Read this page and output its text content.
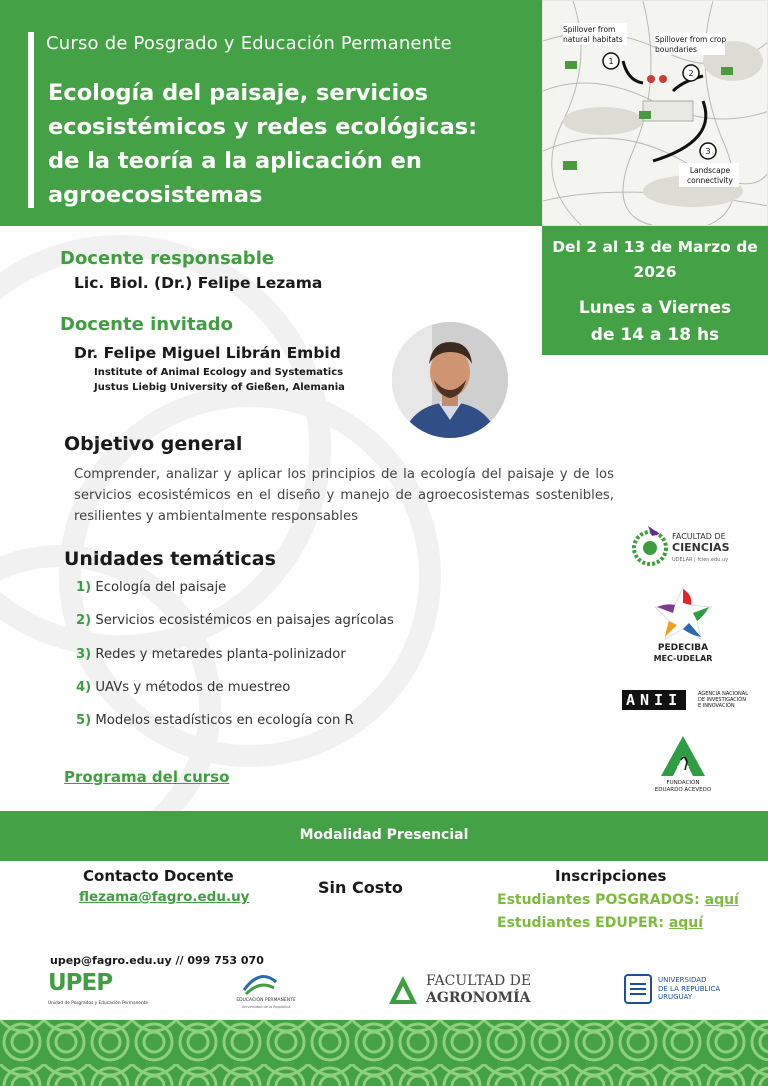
Curso de Posgrado y Educación Permanente
Ecología del paisaje, servicios
ecosistémicos y redes ecológicas:
de la teoría a la aplicación en
agroecosistemas
1
2
3
Spillover from natural habitats	Spillover from crop boundaries
Landscape connectivity
Del 2 al 13 de Marzo de
2026
Lunes a Viernes
de 14 a 18 hs
Docente responsable
Lic. Biol. (Dr.) Felipe Lezama
Docente invitado
Dr. Felipe Miguel Librán Embid
Institute of Animal Ecology and Systematics
Justus Liebig University of Gießen, Alemania
Objetivo general
Comprender, analizar y aplicar los principios de la ecología del paisaje y de los servicios ecosistémicos en el diseño y manejo de agroecosistemas sostenibles, resilientes y ambientalmente responsables
Unidades temáticas
1) Ecología del paisaje
2) Servicios ecosistémicos en paisajes agrícolas
3) Redes y metaredes planta-polinizador
4) UAVs y métodos de muestreo
5) Modelos estadísticos en ecología con R
Programa del curso
FACULTAD DE
CIENCIAS
UDELAR | fcien.edu.uy
PEDECIBA
MEC-UDELAR
ANII	AGENCIA NACIONAL
DE INVESTIGACIÓN
E INNOVACIÓN
FUNDACIÓN
EDUARDO ACEVEDO
Modalidad Presencial
Contacto Docente
flezama@fagro.edu.uy	Sin Costo
Inscripciones
Estudiantes POSGRADOS: aquí
Estudiantes EDUPER: aquí
upep@fagro.edu.uy // 099 753 070
UPEP
Unidad de Posgrados y Educación Permanente
EDUCACIÓN PERMANENTE
Universidad de la República
FACULTAD DE
AGRONOMÍA
UNIVERSIDAD
DE LA REPÚBLICA
URUGUAY
